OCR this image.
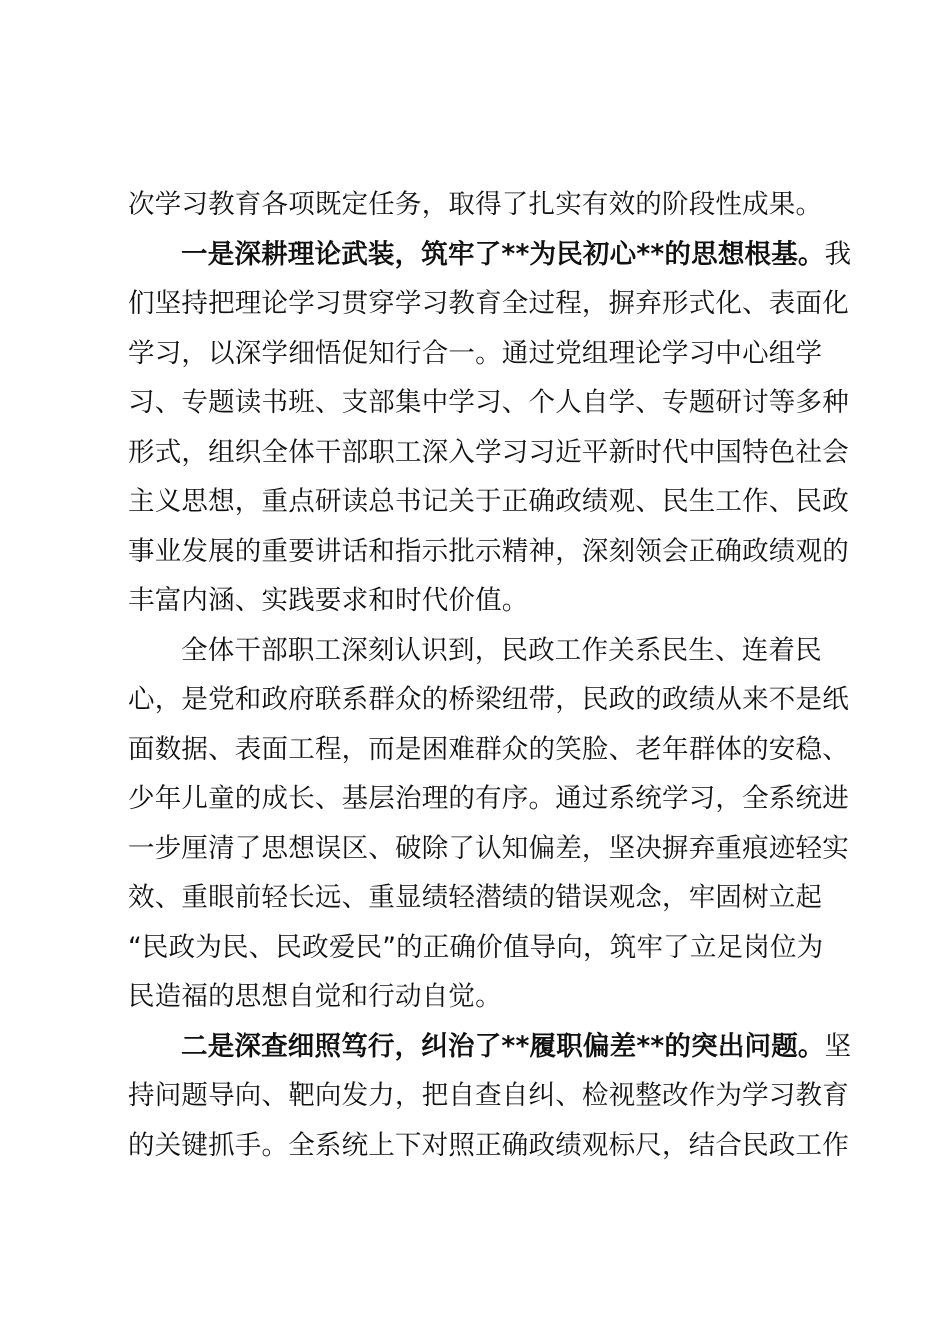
次学习教育各项既定任务，取得了扎实有效的阶段性成果。
一是深耕理论武装，筑牢了**为民初心**的思想根基。我
们坚持把理论学习贯穿学习教育全过程，摒弃形式化、表面化
学习，以深学细悟促知行合一。通过党组理论学习中心组学
习、专题读书班、支部集中学习、个人自学、专题研讨等多种
形式，组织全体干部职工深入学习习近平新时代中国特色社会
主义思想，重点研读总书记关于正确政绩观、民生工作、民政
事业发展的重要讲话和指示批示精神，深刻领会正确政绩观的
丰富内涵、实践要求和时代价值。
全体干部职工深刻认识到，民政工作关系民生、连着民
心，是党和政府联系群众的桥梁纽带，民政的政绩从来不是纸
面数据、表面工程，而是困难群众的笑脸、老年群体的安稳、
少年儿童的成长、基层治理的有序。通过系统学习，全系统进
一步厘清了思想误区、破除了认知偏差，坚决摒弃重痕迹轻实
效、重眼前轻长远、重显绩轻潜绩的错误观念，牢固树立起
“民政为民、民政爱民”的正确价值导向，筑牢了立足岗位为
民造福的思想自觉和行动自觉。
二是深查细照笃行，纠治了**履职偏差**的突出问题。坚
持问题导向、靶向发力，把自查自纠、检视整改作为学习教育
的关键抓手。全系统上下对照正确政绩观标尺，结合民政工作
